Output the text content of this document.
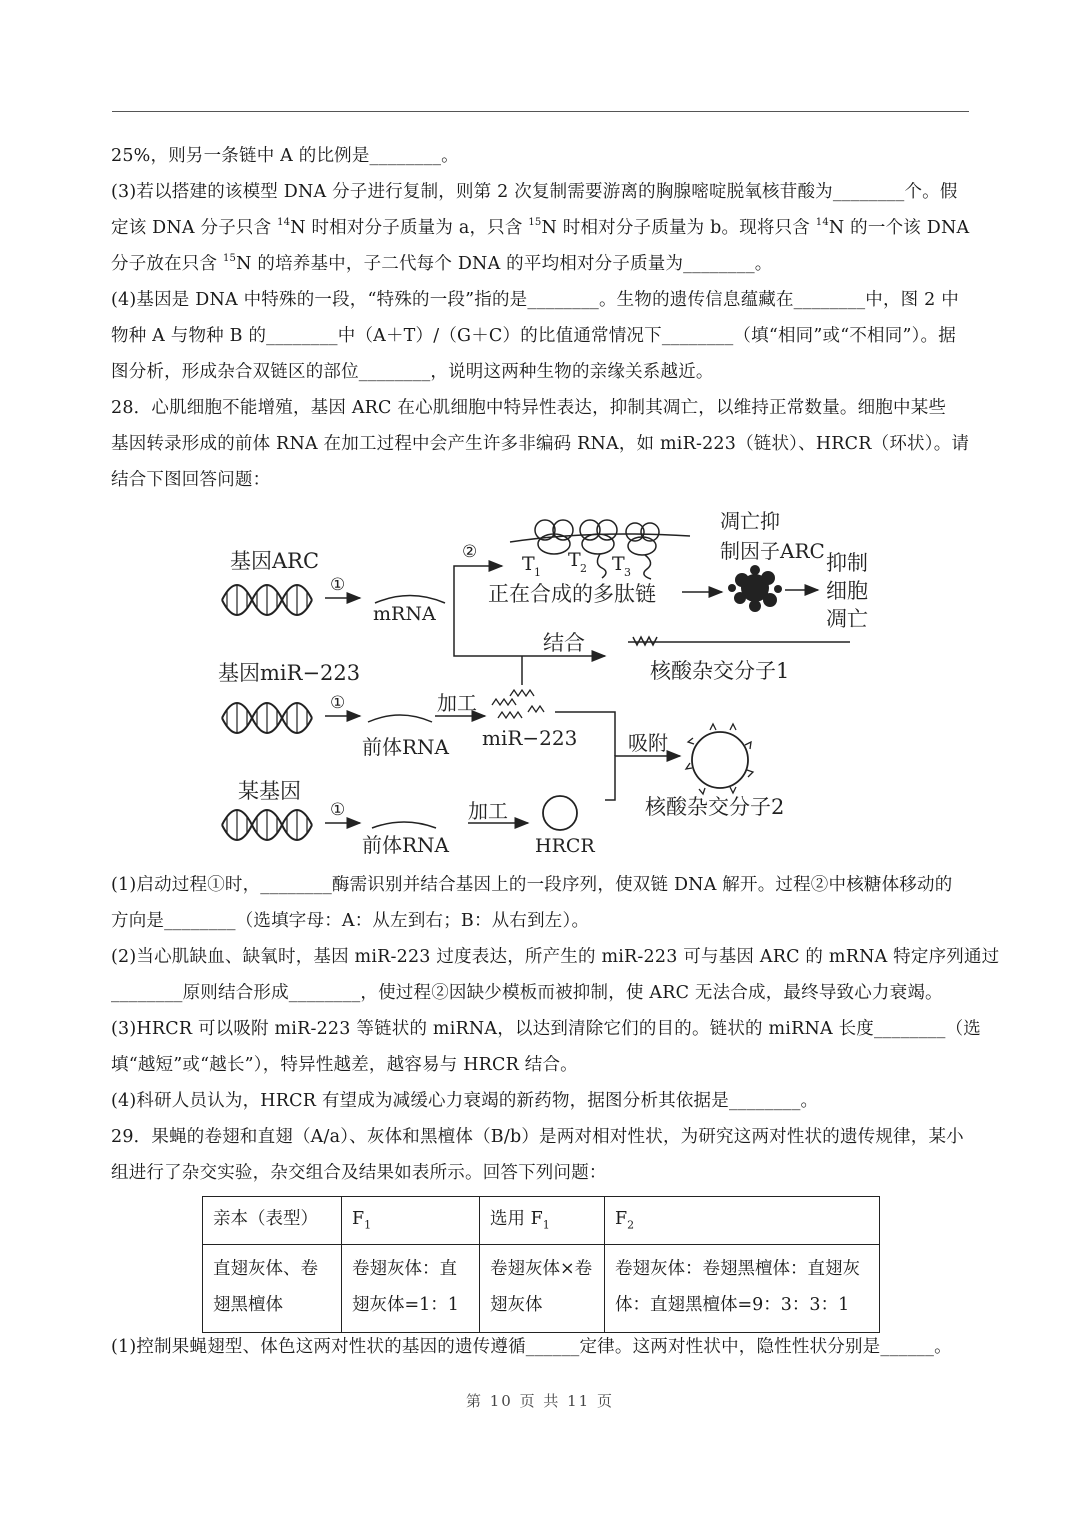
25%，则另一条链中 A 的比例是________。
(3)若以搭建的该模型 DNA 分子进行复制，则第 2 次复制需要游离的胸腺嘧啶脱氧核苷酸为________个。假
定该 DNA 分子只含 $^{14}$N 时相对分子质量为 a，只含 $^{15}$N 时相对分子质量为 b。现将只含 $^{14}$N 的一个该 DNA
分子放在只含 $^{15}$N 的培养基中，子二代每个 DNA 的平均相对分子质量为________。
(4)基因是 DNA 中特殊的一段，“特殊的一段”指的是________。生物的遗传信息蕴藏在________中，图 2 中
物种 A 与物种 B 的________中（A＋T）/（G＋C）的比值通常情况下________（填“相同”或“不相同”）。据
图分析，形成杂合双链区的部位________，说明这两种生物的亲缘关系越近。
28．心肌细胞不能增殖，基因 ARC 在心肌细胞中特异性表达，抑制其凋亡，以维持正常数量。细胞中某些
基因转录形成的前体 RNA 在加工过程中会产生许多非编码 RNA，如 miR-223（链状）、HRCR（环状）。请
结合下图回答问题：
基因ARC
①
mRNA
②
结合
T 1
T 2 T 3
正在合成的多肽链
凋亡抑
制因子ARC 抑制
细胞
凋亡
核酸杂交分子1
基因miR−223
①
前体RNA
加工
miR−223
某基因
①
前体RNA
加工
HRCR
吸附
核酸杂交分子2
(1)启动过程①时，________酶需识别并结合基因上的一段序列，使双链 DNA 解开。过程②中核糖体移动的
方向是________（选填字母：A：从左到右；B：从右到左）。
(2)当心肌缺血、缺氧时，基因 miR-223 过度表达，所产生的 miR-223 可与基因 ARC 的 mRNA 特定序列通过
________原则结合形成________，使过程②因缺少模板而被抑制，使 ARC 无法合成，最终导致心力衰竭。
(3)HRCR 可以吸附 miR-223 等链状的 miRNA，以达到清除它们的目的。链状的 miRNA 长度________（选
填“越短”或“越长”），特异性越差，越容易与 HRCR 结合。
(4)科研人员认为，HRCR 有望成为减缓心力衰竭的新药物，据图分析其依据是________。
29．果蝇的卷翅和直翅（A/a）、灰体和黑檀体（B/b）是两对相对性状，为研究这两对性状的遗传规律，某小
组进行了杂交实验，杂交组合及结果如表所示。回答下列问题：
亲本（表型）	$F_1$	选用 $F_1$	$F_2$
直翅灰体、卷
翅黑檀体	卷翅灰体：直
翅灰体=1：1	卷翅灰体×卷
翅灰体	卷翅灰体：卷翅黑檀体：直翅灰
体：直翅黑檀体=9：3：3：1
(1)控制果蝇翅型、体色这两对性状的基因的遗传遵循______定律。这两对性状中，隐性性状分别是______。
第 10 页 共 11 页
